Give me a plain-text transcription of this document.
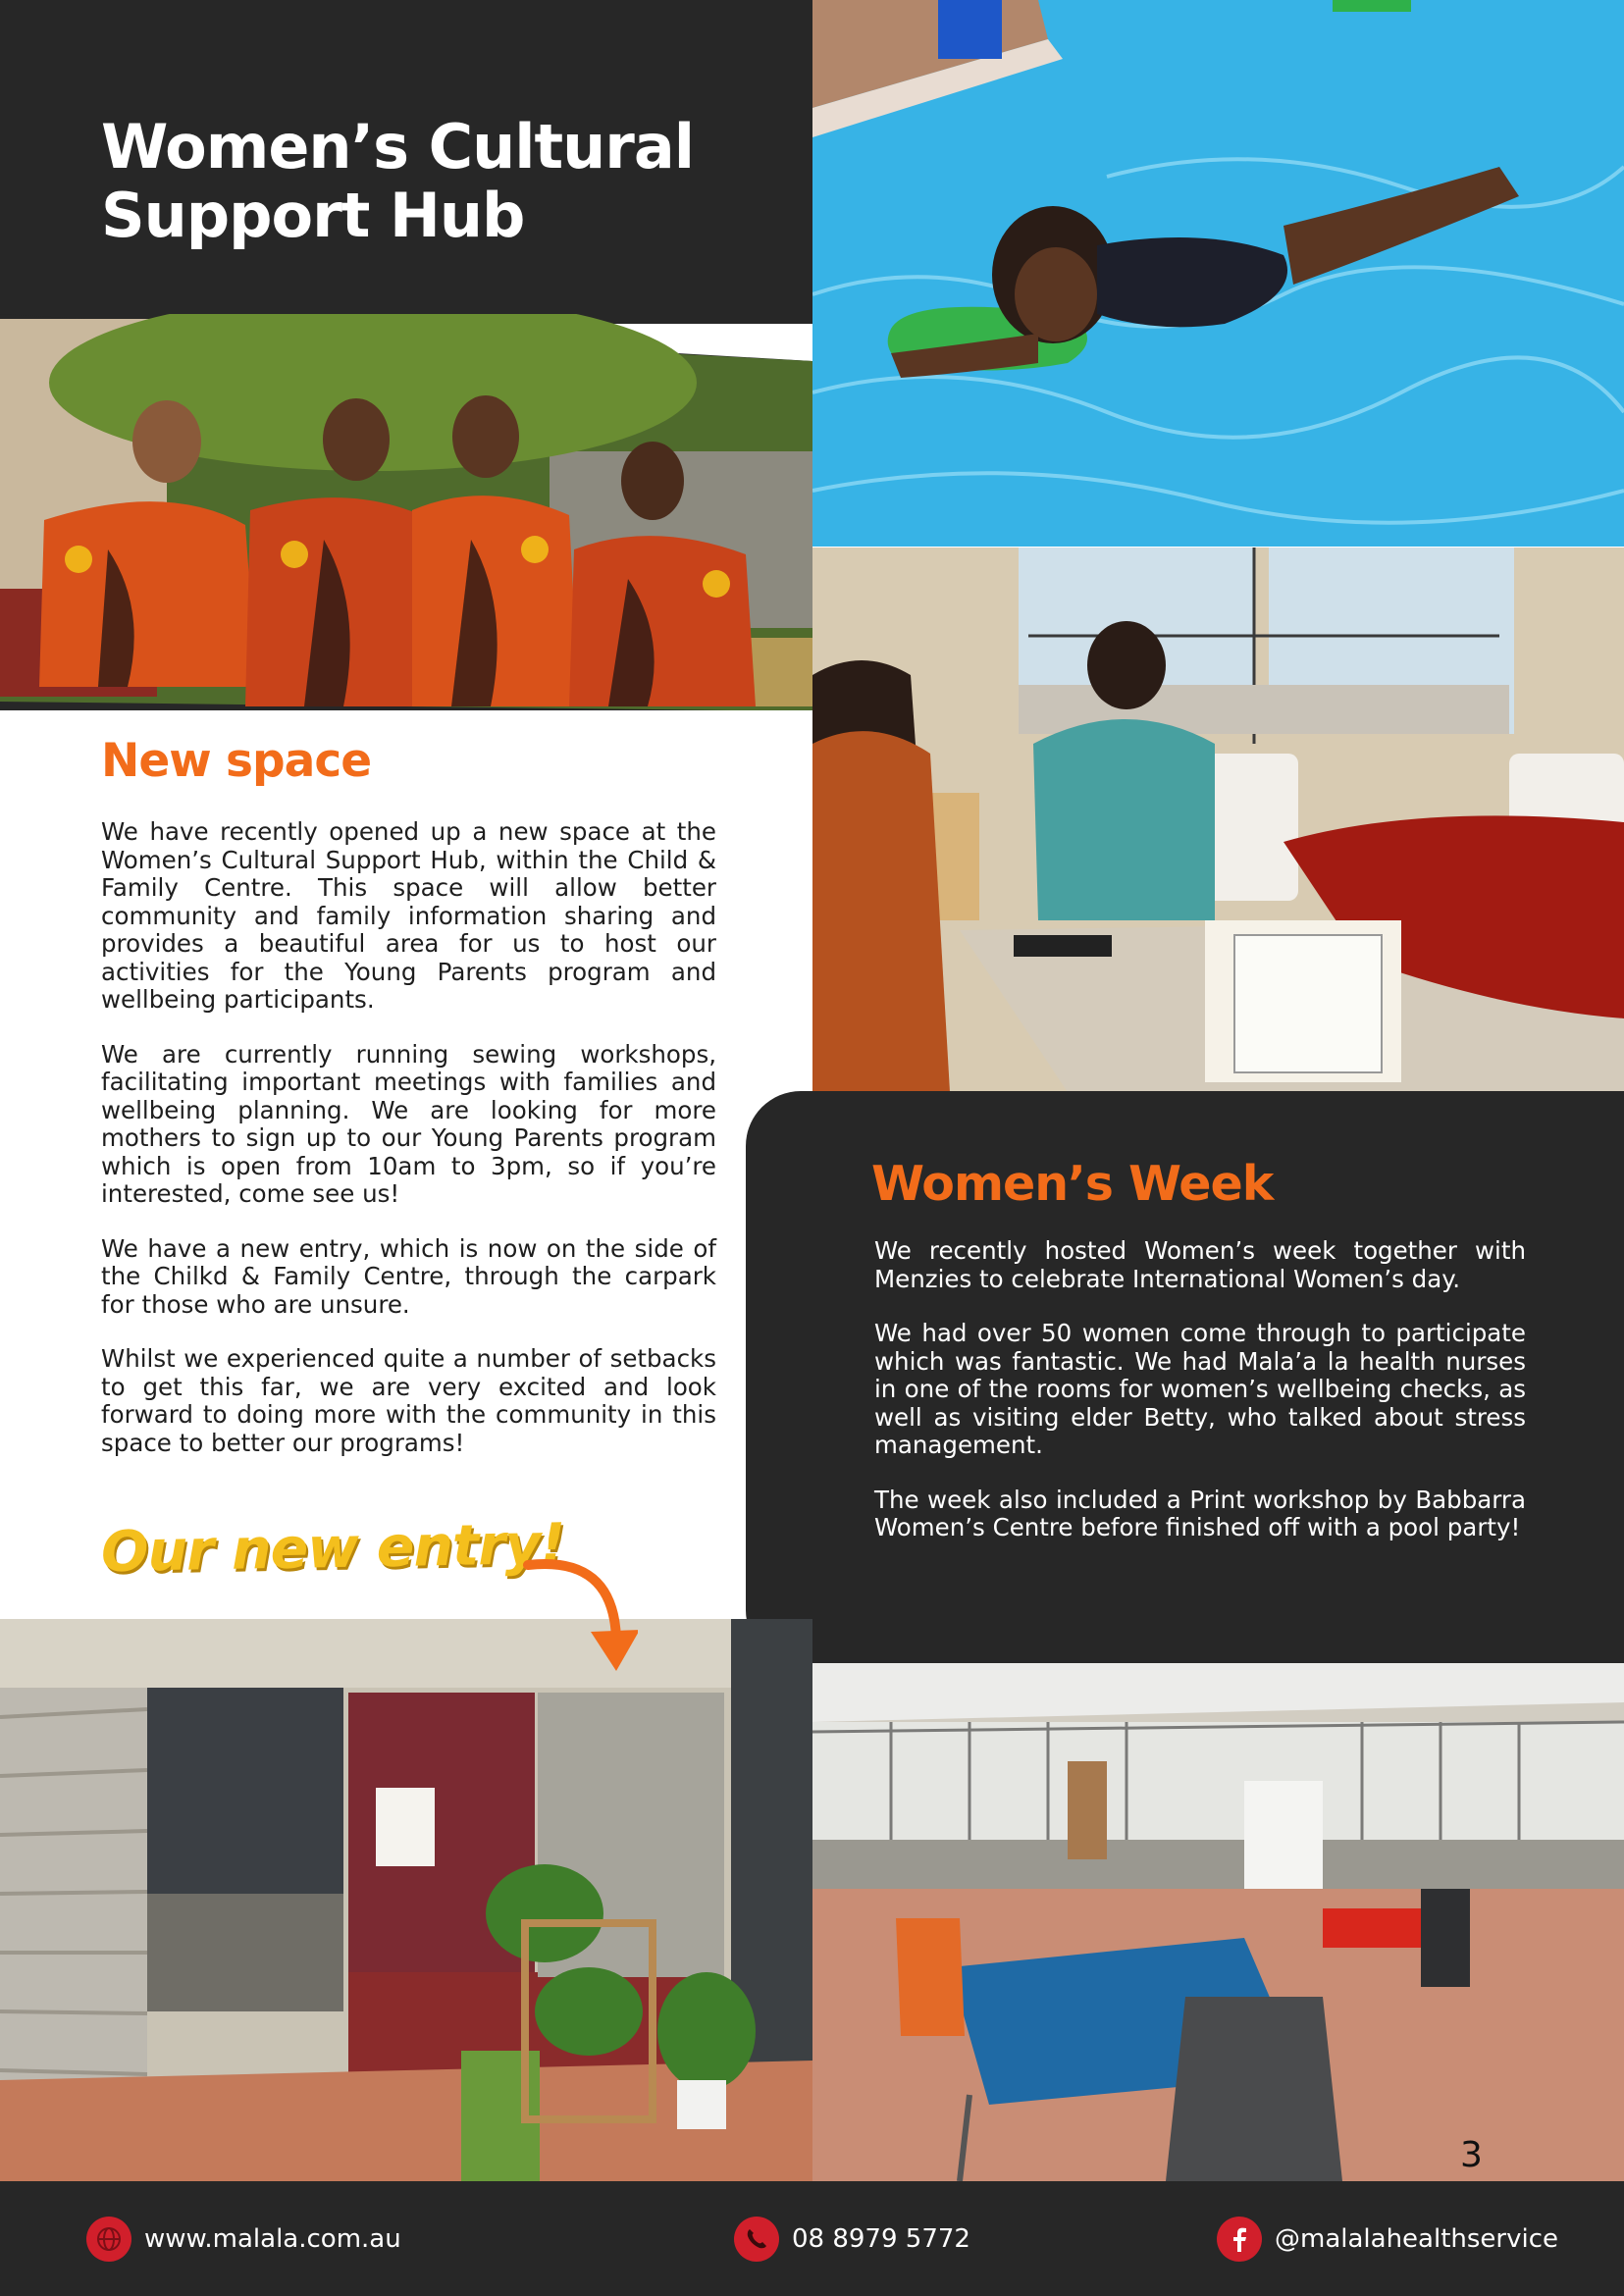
Women’s Cultural
Support Hub
New space

We have recently opened up a new space at the Women’s Cultural Support Hub, within the Child & Family Centre. This space will allow better community and family information sharing and provides a beautiful area for us to host our activities for the Young Parents program and wellbeing participants.

We are currently running sewing workshops, facilitating important meetings with families and wellbeing planning. We are looking for more mothers to sign up to our Young Parents program which is open from 10am to 3pm, so if you’re interested, come see us!

We have a new entry, which is now on the side of the Chilkd & Family Centre, through the carpark for those who are unsure.

Whilst we experienced quite a number of setbacks to get this far, we are very excited and look forward to doing more with the community in this space to better our programs!

Women’s Week

We recently hosted Women’s week together with Menzies to celebrate International Women’s day.

We had over 50 women come through to participate which was fantastic. We had Mala’a la health nurses in one of the rooms for women’s wellbeing checks, as well as visiting elder Betty, who talked about stress management.

The week also included a Print workshop by Babbarra Women’s Centre before finished off with a pool party!

Our new entry!
3
www.malala.com.au	08 8979 5772	@malalahealthservice
